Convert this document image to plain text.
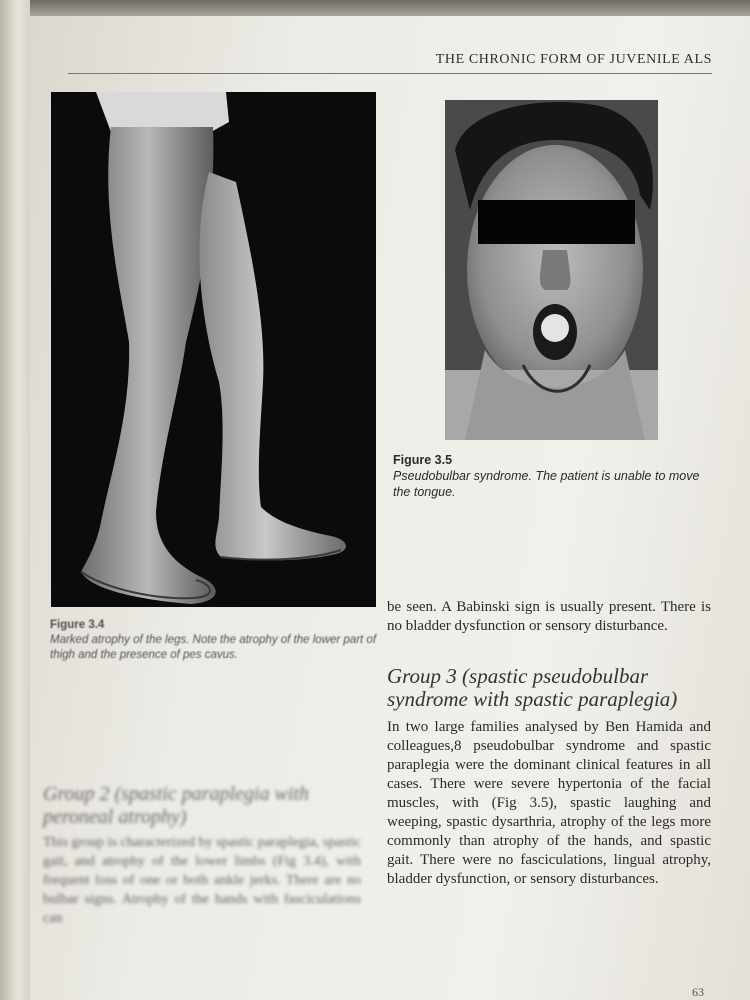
THE CHRONIC FORM OF JUVENILE ALS
Figure 3.5
Pseudobulbar syndrome. The patient is unable to move the tongue.
Figure 3.4
Marked atrophy of the legs. Note the atrophy of the lower part of thigh and the presence of pes cavus.
be seen. A Babinski sign is usually present. There is no bladder dysfunction or sensory disturbance.
Group 3 (spastic pseudobulbar syndrome with spastic paraplegia)
In two large families analysed by Ben Hamida and colleagues,8 pseudobulbar syndrome and spastic paraplegia were the dominant clinical features in all cases. There were severe hypertonia of the facial muscles, with (Fig 3.5), spastic laughing and weeping, spastic dysarthria, atrophy of the legs more commonly than atrophy of the hands, and spastic gait. There were no fasciculations, lingual atrophy, bladder dysfunction, or sensory disturbances.
Group 2 (spastic paraplegia with peroneal atrophy)
This group is characterized by spastic paraplegia, spastic gait, and atrophy of the lower limbs (Fig 3.4), with frequent loss of one or both ankle jerks. There are no bulbar signs. Atrophy of the hands with fasciculations can
63
